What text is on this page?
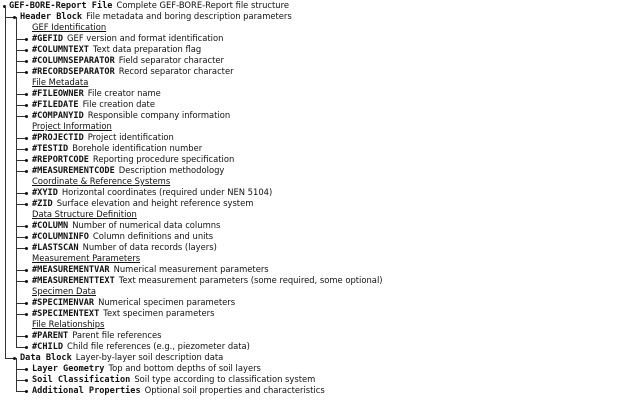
GEF-BORE-Report File Complete GEF-BORE-Report file structure
Header Block File metadata and boring description parameters
GEF Identification
#GEFID GEF version and format identification
#COLUMNTEXT Text data preparation flag
#COLUMNSEPARATOR Field separator character
#RECORDSEPARATOR Record separator character
File Metadata
#FILEOWNER File creator name
#FILEDATE File creation date
#COMPANYID Responsible company information
Project Information
#PROJECTID Project identification
#TESTID Borehole identification number
#REPORTCODE Reporting procedure specification
#MEASUREMENTCODE Description methodology
Coordinate & Reference Systems
#XYID Horizontal coordinates (required under NEN 5104)
#ZID Surface elevation and height reference system
Data Structure Definition
#COLUMN Number of numerical data columns
#COLUMNINFO Column definitions and units
#LASTSCAN Number of data records (layers)
Measurement Parameters
#MEASUREMENTVAR Numerical measurement parameters
#MEASUREMENTTEXT Text measurement parameters (some required, some optional)
Specimen Data
#SPECIMENVAR Numerical specimen parameters
#SPECIMENTEXT Text specimen parameters
File Relationships
#PARENT Parent file references
#CHILD Child file references (e.g., piezometer data)
Data Block Layer-by-layer soil description data
Layer Geometry Top and bottom depths of soil layers
Soil Classification Soil type according to classification system
Additional Properties Optional soil properties and characteristics
